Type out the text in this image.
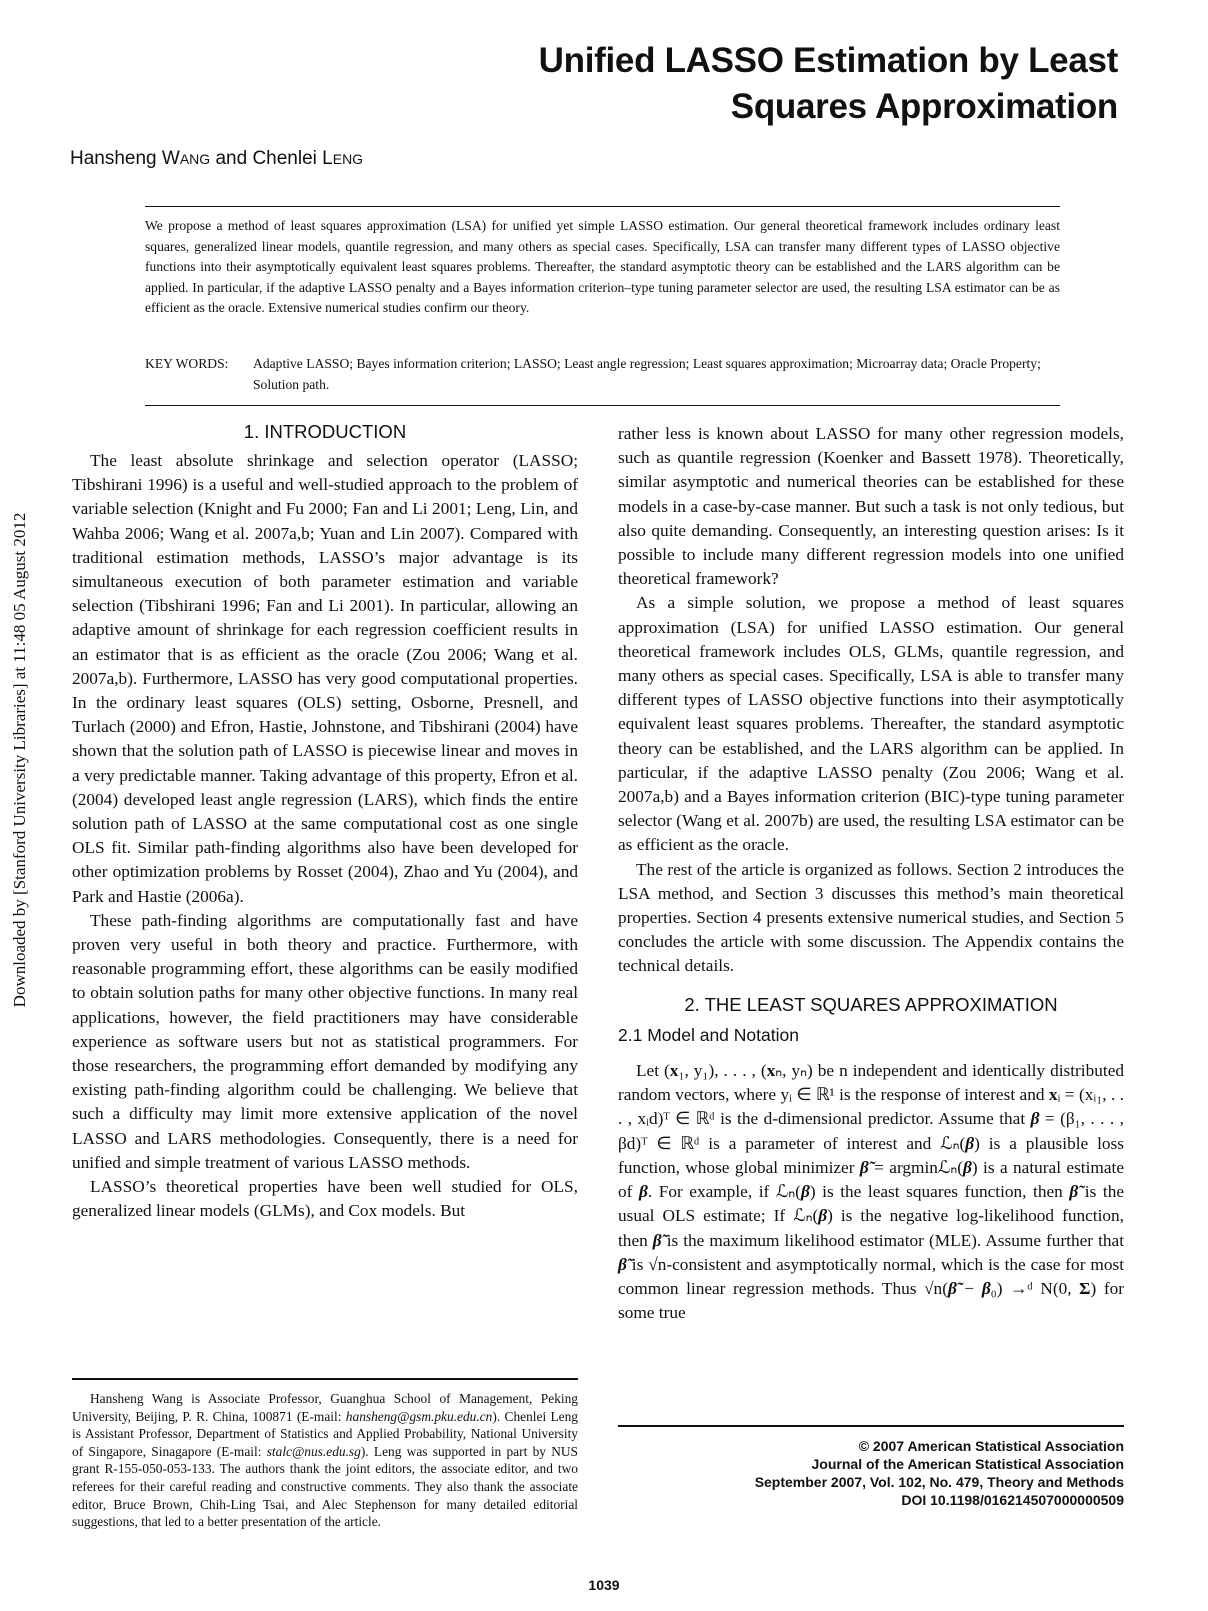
Unified LASSO Estimation by Least
Squares Approximation
Hansheng WANG and Chenlei LENG
We propose a method of least squares approximation (LSA) for unified yet simple LASSO estimation. Our general theoretical framework includes ordinary least squares, generalized linear models, quantile regression, and many others as special cases. Specifically, LSA can transfer many different types of LASSO objective functions into their asymptotically equivalent least squares problems. Thereafter, the standard asymptotic theory can be established and the LARS algorithm can be applied. In particular, if the adaptive LASSO penalty and a Bayes information criterion–type tuning parameter selector are used, the resulting LSA estimator can be as efficient as the oracle. Extensive numerical studies confirm our theory.
KEY WORDS:	Adaptive LASSO; Bayes information criterion; LASSO; Least angle regression; Least squares approximation; Microarray data; Oracle Property; Solution path.
Downloaded by [Stanford University Libraries] at 11:48 05 August 2012
1. INTRODUCTION

The least absolute shrinkage and selection operator (LASSO; Tibshirani 1996) is a useful and well-studied approach to the problem of variable selection (Knight and Fu 2000; Fan and Li 2001; Leng, Lin, and Wahba 2006; Wang et al. 2007a,b; Yuan and Lin 2007). Compared with traditional estimation methods, LASSO’s major advantage is its simultaneous execution of both parameter estimation and variable selection (Tibshirani 1996; Fan and Li 2001). In particular, allowing an adaptive amount of shrinkage for each regression coefficient results in an estimator that is as efficient as the oracle (Zou 2006; Wang et al. 2007a,b). Furthermore, LASSO has very good computational properties. In the ordinary least squares (OLS) setting, Osborne, Presnell, and Turlach (2000) and Efron, Hastie, Johnstone, and Tibshirani (2004) have shown that the solution path of LASSO is piecewise linear and moves in a very predictable manner. Taking advantage of this property, Efron et al. (2004) developed least angle regression (LARS), which finds the entire solution path of LASSO at the same computational cost as one single OLS fit. Similar path-finding algorithms also have been developed for other optimization problems by Rosset (2004), Zhao and Yu (2004), and Park and Hastie (2006a).

These path-finding algorithms are computationally fast and have proven very useful in both theory and practice. Furthermore, with reasonable programming effort, these algorithms can be easily modified to obtain solution paths for many other objective functions. In many real applications, however, the field practitioners may have considerable experience as software users but not as statistical programmers. For those researchers, the programming effort demanded by modifying any existing path-finding algorithm could be challenging. We believe that such a difficulty may limit more extensive application of the novel LASSO and LARS methodologies. Consequently, there is a need for unified and simple treatment of various LASSO methods.

LASSO’s theoretical properties have been well studied for OLS, generalized linear models (GLMs), and Cox models. But

Hansheng Wang is Associate Professor, Guanghua School of Management, Peking University, Beijing, P. R. China, 100871 (E-mail: hansheng@gsm.pku.edu.cn). Chenlei Leng is Assistant Professor, Department of Statistics and Applied Probability, National University of Singapore, Sinagapore (E-mail: stalc@nus.edu.sg). Leng was supported in part by NUS grant R-155-050-053-133. The authors thank the joint editors, the associate editor, and two referees for their careful reading and constructive comments. They also thank the associate editor, Bruce Brown, Chih-Ling Tsai, and Alec Stephenson for many detailed editorial suggestions, that led to a better presentation of the article.

rather less is known about LASSO for many other regression models, such as quantile regression (Koenker and Bassett 1978). Theoretically, similar asymptotic and numerical theories can be established for these models in a case-by-case manner. But such a task is not only tedious, but also quite demanding. Consequently, an interesting question arises: Is it possible to include many different regression models into one unified theoretical framework?

As a simple solution, we propose a method of least squares approximation (LSA) for unified LASSO estimation. Our general theoretical framework includes OLS, GLMs, quantile regression, and many others as special cases. Specifically, LSA is able to transfer many different types of LASSO objective functions into their asymptotically equivalent least squares problems. Thereafter, the standard asymptotic theory can be established, and the LARS algorithm can be applied. In particular, if the adaptive LASSO penalty (Zou 2006; Wang et al. 2007a,b) and a Bayes information criterion (BIC)-type tuning parameter selector (Wang et al. 2007b) are used, the resulting LSA estimator can be as efficient as the oracle.

The rest of the article is organized as follows. Section 2 introduces the LSA method, and Section 3 discusses this method’s main theoretical properties. Section 4 presents extensive numerical studies, and Section 5 concludes the article with some discussion. The Appendix contains the technical details.

2. THE LEAST SQUARES APPROXIMATION
2.1 Model and Notation

Let (x₁, y₁), . . . , (xₙ, yₙ) be n independent and identically distributed random vectors, where yᵢ ∈ ℝ¹ is the response of interest and xᵢ = (xᵢ₁, . . . , xᵢd)ᵀ ∈ ℝᵈ is the d-dimensional predictor. Assume that β = (β₁, . . . , βd)ᵀ ∈ ℝᵈ is a parameter of interest and ℒₙ(β) is a plausible loss function, whose global minimizer β̃ = argminℒₙ(β) is a natural estimate of β. For example, if ℒₙ(β) is the least squares function, then β̃ is the usual OLS estimate; If ℒₙ(β) is the negative log-likelihood function, then β̃ is the maximum likelihood estimator (MLE). Assume further that β̃ is √n-consistent and asymptotically normal, which is the case for most common linear regression methods. Thus √n(β̃ − β₀) →ᵈ N(0, Σ) for some true

© 2007 American Statistical Association
Journal of the American Statistical Association
September 2007, Vol. 102, No. 479, Theory and Methods
DOI 10.1198/016214507000000509
1039
